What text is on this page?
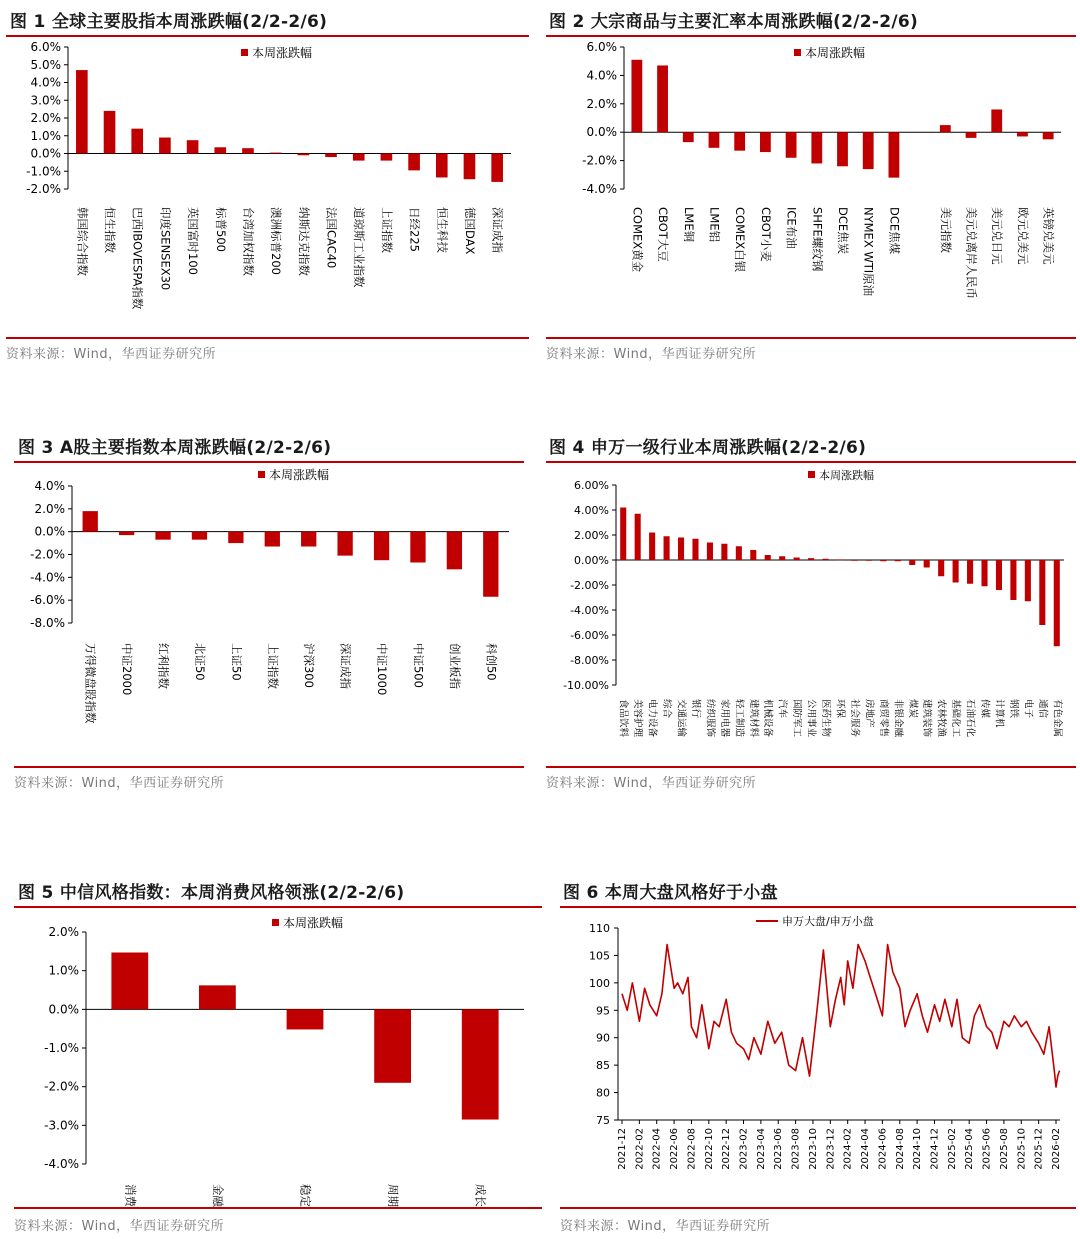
图 1 全球主要股指本周涨跌幅(2/2-2/6)
本周涨跌幅
6.0%
5.0%
4.0%
3.0%
2.0%
1.0%
0.0%
-1.0%
-2.0%
韩国综合指数 恒生指数 巴西IBOVESPA指数 印度SENSEX30 英国富时100 标普500 台湾加权指数 澳洲标普200 纳斯达克指数 法国CAC40 道琼斯工业指数 上证指数 日经225 恒生科技 德国DAX 深证成指
资料来源：Wind，华西证券研究所
图 2 大宗商品与主要汇率本周涨跌幅(2/2-2/6)
本周涨跌幅
6.0%
4.0%
2.0%
0.0%
-2.0%
-4.0%
COMEX黄金 CBOT大豆 LME铜 LME铝 COMEX白银 CBOT小麦 ICE布油 SHFE螺纹钢 DCE焦炭 NYMEX WTI原油 DCE焦煤	美元指数 美元兑离岸人民币 美元兑日元 欧元兑美元 英镑兑美元
资料来源：Wind，华西证券研究所
图 3 A股主要指数本周涨跌幅(2/2-2/6)
本周涨跌幅
4.0%
2.0%
0.0%
-2.0%
-4.0%
-6.0%
-8.0%
万得微盘股指数 中证2000 红利指数 北证50 上证50 上证指数 沪深300 深证成指 中证1000 中证500 创业板指 科创50
资料来源：Wind，华西证券研究所
图 4 申万一级行业本周涨跌幅(2/2-2/6)
本周涨跌幅
6.00%
4.00%
2.00%
0.00%
-2.00%
-4.00%
-6.00%
-8.00%
-10.00%
食品饮料 美容护理 电力设备 综合 交通运输 银行 纺织服饰 家用电器 轻工制造 建筑材料 机械设备 汽车 国防军工 公用事业 医药生物 环保 社会服务 房地产 商贸零售 非银金融 煤炭 建筑装饰 农林牧渔 基础化工 石油石化 传媒 计算机 钢铁 电子 通信 有色金属
资料来源：Wind，华西证券研究所
图 5 中信风格指数：本周消费风格领涨(2/2-2/6)
本周涨跌幅
2.0%
1.0%
0.0%
-1.0%
-2.0%
-3.0%
-4.0%
消费	金融	稳定	周期	成长
资料来源：Wind，华西证券研究所
图 6 本周大盘风格好于小盘
申万大盘/申万小盘
110
105
100
95
90
85
80
75
2021-12 2022-02 2022-04 2022-06 2022-08 2022-10 2022-12 2023-02 2023-04 2023-06 2023-08 2023-10 2023-12 2024-02 2024-04 2024-06 2024-08 2024-10 2024-12 2025-02 2025-04 2025-06 2025-08 2025-10 2025-12 2026-02
资料来源：Wind，华西证券研究所
